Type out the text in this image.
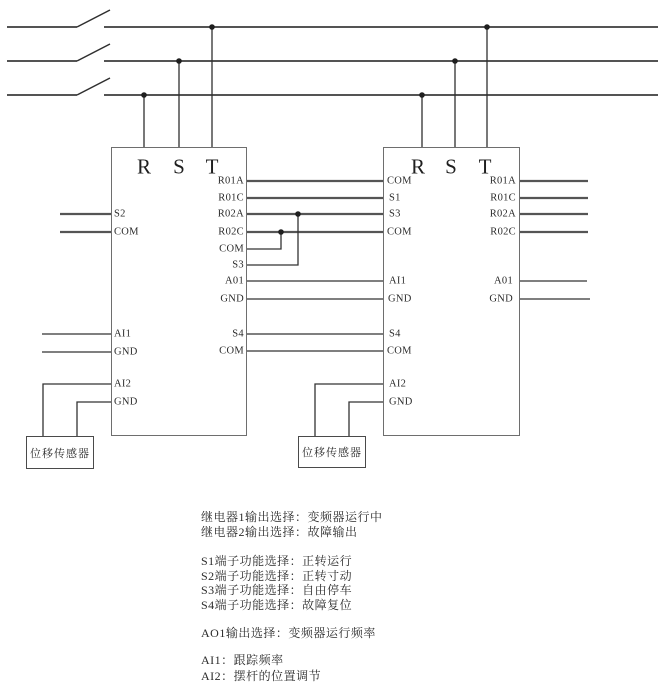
位移传感器	位移传感器
R	S T	R S	T
R01A
R01C
R02A
R02C
COM
S3
A01
GND
S4
COM
S2
COM
AI1
GND
AI2
GND
COM
S1
S3
COM
AI1
GND
S4
COM
AI2
GND
R01A
R01C
R02A
R02C
A01
GND
继电器1输出选择：变频器运行中
继电器2输出选择：故障输出
S1端子功能选择：正转运行
S2端子功能选择：正转寸动
S3端子功能选择：自由停车
S4端子功能选择：故障复位
AO1输出选择：变频器运行频率
AI1：跟踪频率
AI2：摆杆的位置调节
